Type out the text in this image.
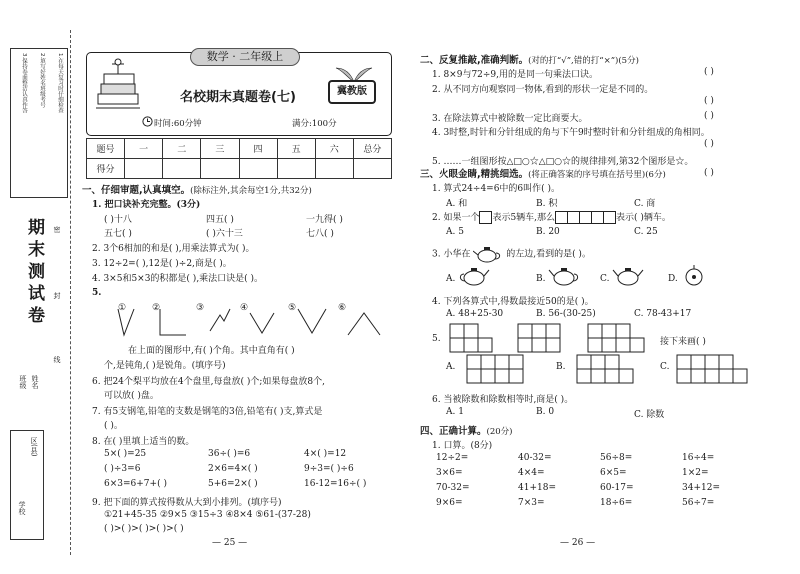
1.在每天复习时仔细检查
2.填写好姓名班级考号
3.保持卷面整洁认真作答
期末测试卷	密
封
线
班级 姓名
学校
区(县)
数学 · 二年级上
名校期末真题卷(七)	冀教版
时间:60分钟	满分:100分
题号	一	二	三	四	五	六	总分
得分							
一、仔细审题,认真填空。(除标注外,其余每空1分,共32分)
1. 把口诀补充完整。(3分)
( )十八	四五( )	一九得( )
五七( )	( )六十三	七八( )
2. 3个6相加的和是( ),用乘法算式为( )。
3. 12÷2=( ),12是( )÷2,商是( )。
4. 3×5和5×3的积都是( ),乘法口诀是( )。
5.
①	②	③	④	⑤	⑥
在上面的图形中,有( )个角。其中直角有( )
个,是钝角,( )是锐角。(填序号)
6. 把24个梨平均放在4个盘里,每盘放( )个;如果每盘放8个,
可以放( )盘。
7. 有5支钢笔,铅笔的支数是钢笔的3倍,铅笔有( )支,算式是
( )。
8. 在( )里填上适当的数。
5×( )=25	36÷( )=6	4×( )=12
( )÷3=6	2×6=4×( )	9÷3=( )÷6
6×3=6+7+( )	5+6=2×( )	16-12=16÷( )
9. 把下面的算式按得数从大到小排列。(填序号)
①21+45-35 ②9×5 ③15÷3 ④8×4 ⑤61-(37-28)
( )>( )>( )>( )>( )
— 25 —
二、反复推敲,准确判断。(对的打“√”,错的打“×”)(5分)
1. 8×9与72÷9,用的是同一句乘法口诀。	( )
2. 从不同方向观察同一物体,看到的形状一定是不同的。
( )
3. 在除法算式中被除数一定比商要大。	( )
4. 3时整,时针和分针组成的角与下午9时整时针和分针组成的角相同。
( )
5. ……一组图形按△□○☆△□○☆的规律排列,第32个图形是☆。
( )
三、火眼金睛,精挑细选。(将正确答案的序号填在括号里)(6分)
1. 算式24÷4=6中的6叫作( )。
A. 和	B. 积	C. 商
2. 如果一个 表示5辆车,那么	表示( )辆车。
A. 5	B. 20	C. 25
3. 小华在	的左边,看到的是( )。
A.	B.	C.	D.
4. 下列各算式中,得数最接近50的是( )。
A. 48+25-30	B. 56-(30-25)	C. 78-43+17
5.	接下来画( )
A.	B.	C.
6. 当被除数和除数相等时,商是( )。
A. 1	B. 0	C. 除数
四、正确计算。(20分)
1. 口算。(8分)
12÷2=	40-32=	56÷8=	16÷4=
3×6=	4×4=	6×5=	1×2=
70-32=	41+18=	60-17=	34+12=
9×6=	7×3=	18÷6=	56÷7=
— 26 —
